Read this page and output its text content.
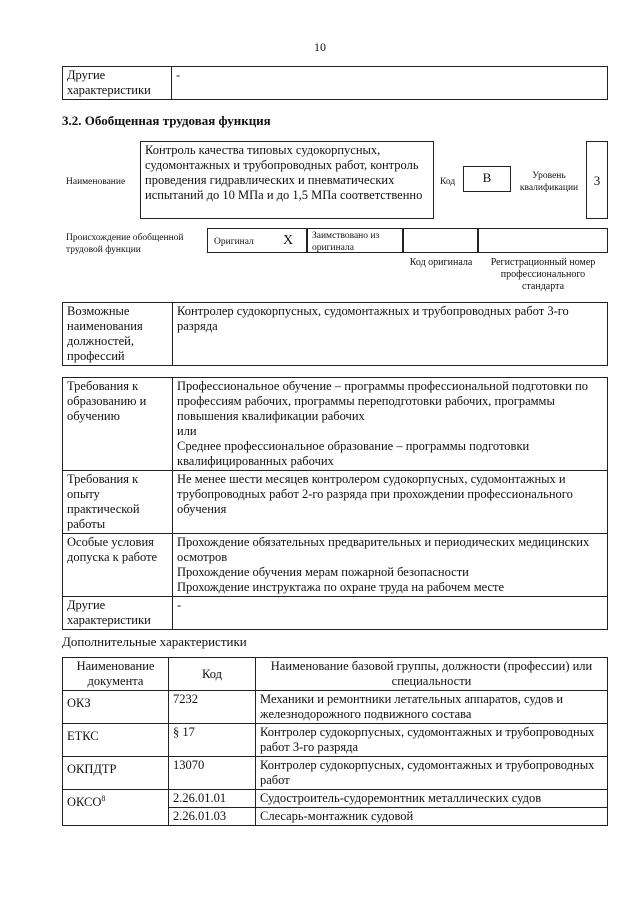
10
Другие характеристики	-
3.2. Обобщенная трудовая функция
Наименование
Контроль качества типовых судокорпусных, судомонтажных и трубопроводных работ, контроль проведения гидравлических и пневматических испытаний до 10 МПа и до 1,5 МПа соответственно
Код	B	Уровень квалификации	3
Происхождение обобщенной трудовой функции
Оригинал X Заимствовано из оригинала
Код оригинала	Регистрационный номер профессионального стандарта
Возможные наименования должностей, профессий	Контролер судокорпусных, судомонтажных и трубопроводных работ 3-го разряда
Требования к образованию и обучению	Профессиональное обучение – программы профессиональной подготовки по профессиям рабочих, программы переподготовки рабочих, программы повышения квалификации рабочих
или
Среднее профессиональное образование – программы подготовки квалифицированных рабочих

Требования к опыту практической работы	Не менее шести месяцев контролером судокорпусных, судомонтажных и трубопроводных работ 2-го разряда при прохождении профессионального обучения

Особые условия допуска к работе	Прохождение обязательных предварительных и периодических медицинских осмотров
Прохождение обучения мерам пожарной безопасности
Прохождение инструктажа по охране труда на рабочем месте

Другие характеристики	-
Дополнительные характеристики
Наименование документа	Код	Наименование базовой группы, должности (профессии) или специальности
ОКЗ	7232	Механики и ремонтники летательных аппаратов, судов и железнодорожного подвижного состава
ЕТКС	§ 17	Контролер судокорпусных, судомонтажных и трубопроводных работ 3-го разряда
ОКПДТР	13070	Контролер судокорпусных, судомонтажных и трубопроводных работ
ОКСО$^8$	2.26.01.01	Судостроитель-судоремонтник металлических судов
	2.26.01.03	Слесарь-монтажник судовой
